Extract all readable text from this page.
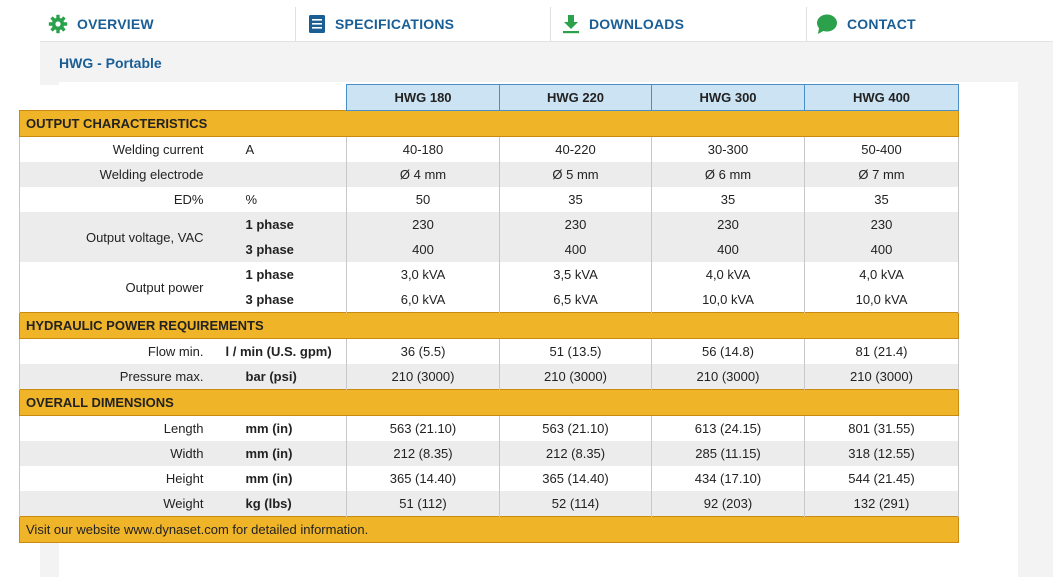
OVERVIEW	SPECIFICATIONS	DOWNLOADS	CONTACT
HWG - Portable
		HWG 180	HWG 220	HWG 300	HWG 400
OUTPUT CHARACTERISTICS					
Welding current	A	40-180	40-220	30-300	50-400
Welding electrode		Ø 4 mm	Ø 5 mm	Ø 6 mm	Ø 7 mm
ED%	%	50	35	35	35
Output voltage, VAC	1 phase	230	230	230	230
	3 phase	400	400	400	400
Output power	1 phase	3,0 kVA	3,5 kVA	4,0 kVA	4,0 kVA
	3 phase	6,0 kVA	6,5 kVA	10,0 kVA	10,0 kVA
HYDRAULIC POWER REQUIREMENTS					
Flow min.	l / min (U.S. gpm)	36 (5.5)	51 (13.5)	56 (14.8)	81 (21.4)
Pressure max.	bar (psi)	210 (3000)	210 (3000)	210 (3000)	210 (3000)
OVERALL DIMENSIONS					
Length	mm (in)	563 (21.10)	563 (21.10)	613 (24.15)	801 (31.55)
Width	mm (in)	212 (8.35)	212 (8.35)	285 (11.15)	318 (12.55)
Height	mm (in)	365 (14.40)	365 (14.40)	434 (17.10)	544 (21.45)
Weight	kg (lbs)	51 (112)	52 (114)	92 (203)	132 (291)
Visit our website www.dynaset.com for detailed information.					
